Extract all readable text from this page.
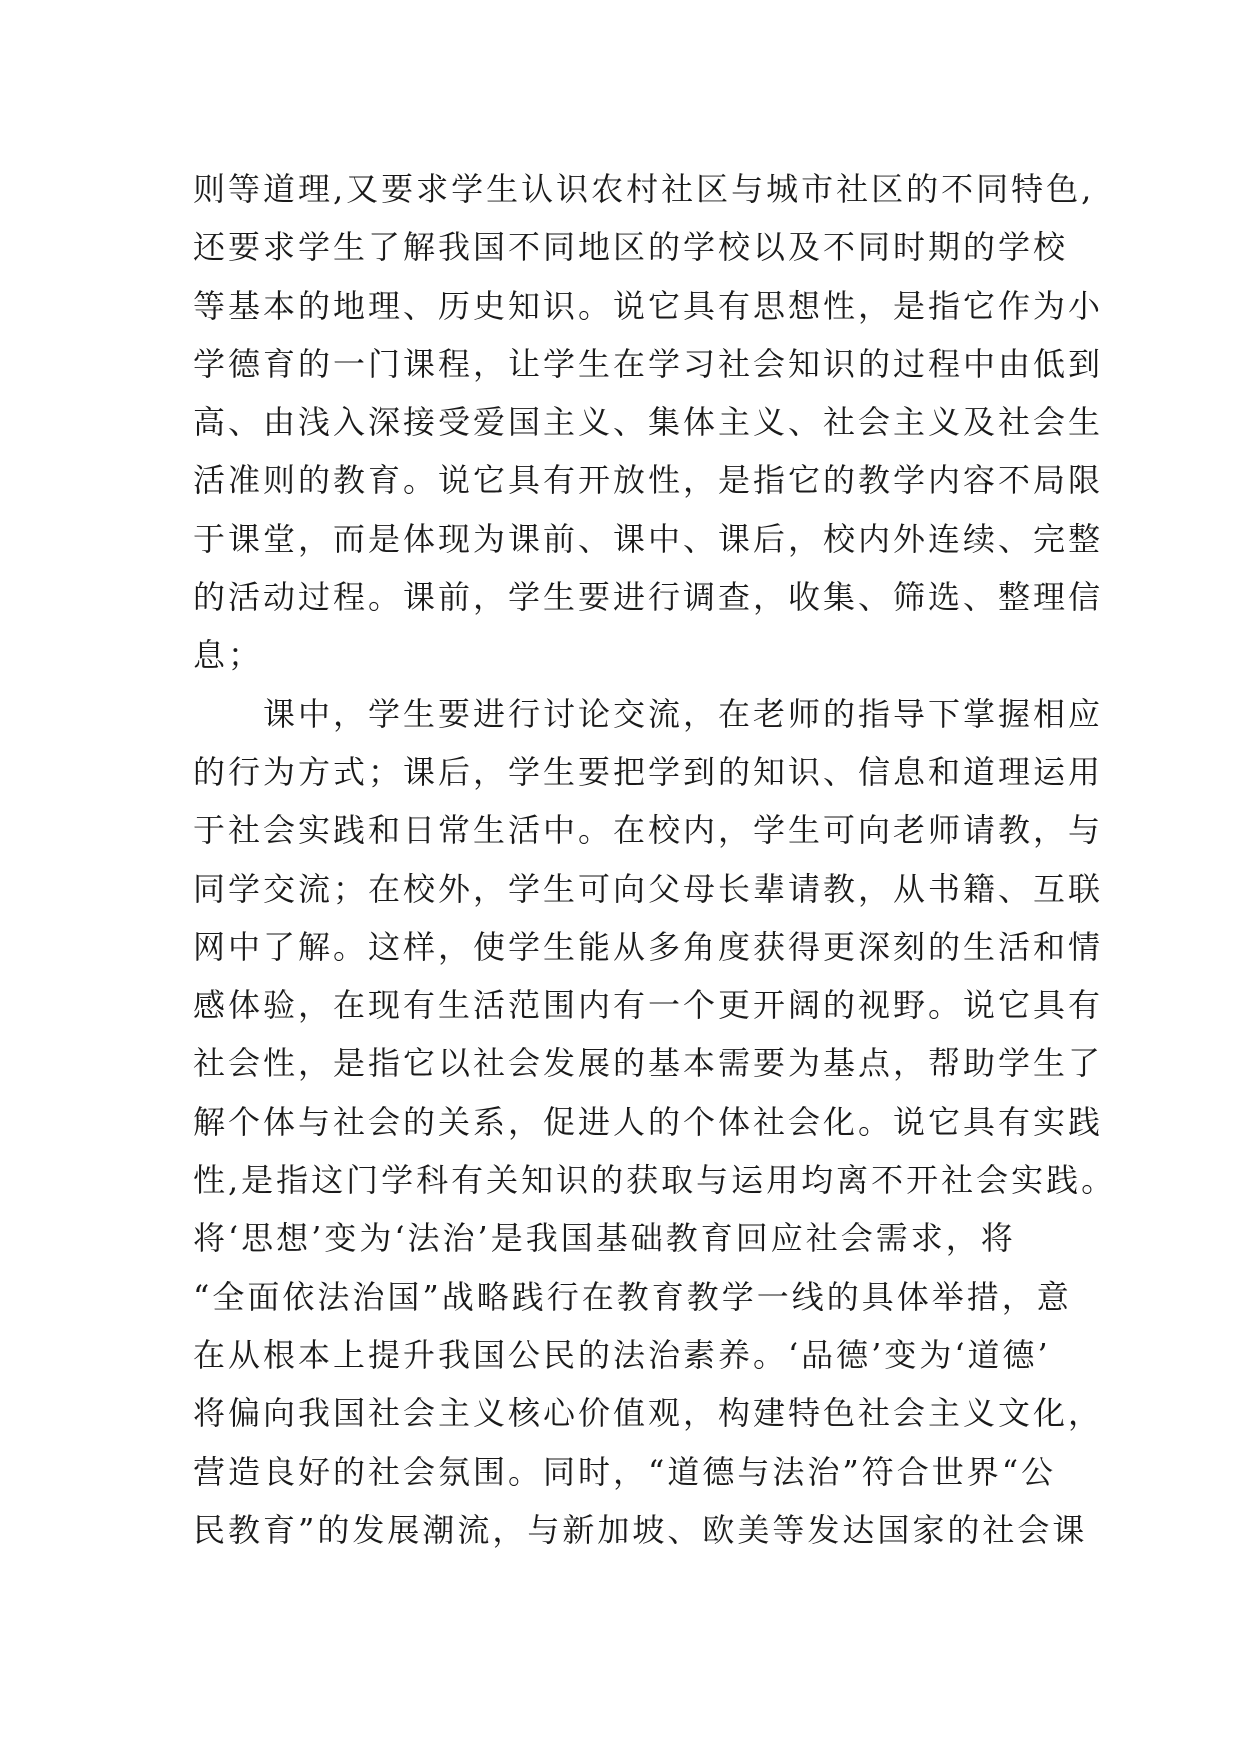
则等道理,又要求学生认识农村社区与城市社区的不同特色,
还要求学生了解我国不同地区的学校以及不同时期的学校
等基本的地理、历史知识。说它具有思想性，是指它作为小
学德育的一门课程，让学生在学习社会知识的过程中由低到
高、由浅入深接受爱国主义、集体主义、社会主义及社会生
活准则的教育。说它具有开放性，是指它的教学内容不局限
于课堂，而是体现为课前、课中、课后，校内外连续、完整
的活动过程。课前，学生要进行调查，收集、筛选、整理信
息；
课中，学生要进行讨论交流，在老师的指导下掌握相应
的行为方式；课后，学生要把学到的知识、信息和道理运用
于社会实践和日常生活中。在校内，学生可向老师请教，与
同学交流；在校外，学生可向父母长辈请教，从书籍、互联
网中了解。这样，使学生能从多角度获得更深刻的生活和情
感体验，在现有生活范围内有一个更开阔的视野。说它具有
社会性，是指它以社会发展的基本需要为基点，帮助学生了
解个体与社会的关系，促进人的个体社会化。说它具有实践
性,是指这门学科有关知识的获取与运用均离不开社会实践。
将‘思想’变为‘法治’是我国基础教育回应社会需求，将
“全面依法治国”战略践行在教育教学一线的具体举措，意
在从根本上提升我国公民的法治素养。‘品德’变为‘道德’
将偏向我国社会主义核心价值观，构建特色社会主义文化，
营造良好的社会氛围。同时，“道德与法治”符合世界“公
民教育”的发展潮流，与新加坡、欧美等发达国家的社会课
